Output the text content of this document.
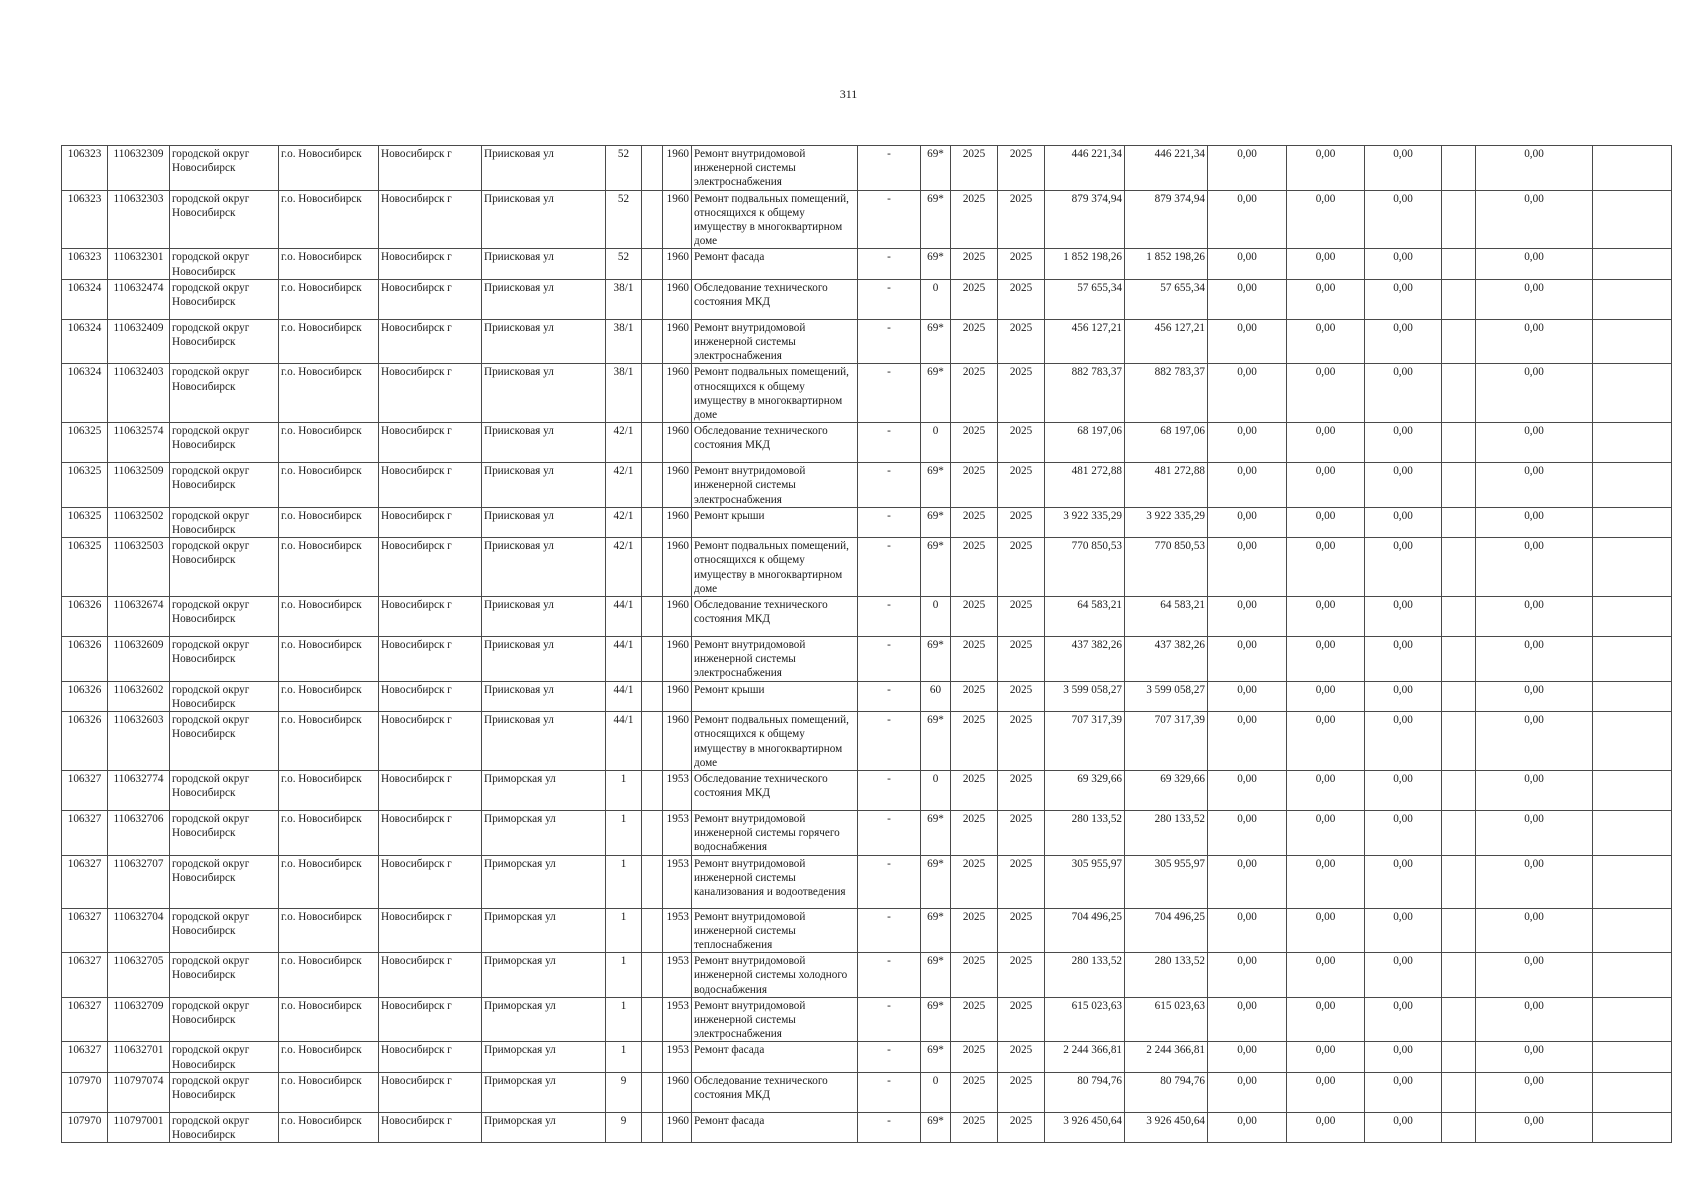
311
106323	110632309	городской округ Новосибирск	г.о. Новосибирск	Новосибирск г	Приисковая ул	52		1960	Ремонт внутридомовой инженерной системы электроснабжения	-	69*	2025	2025	446 221,34	446 221,34	0,00	0,00	0,00		0,00	
106323	110632303	городской округ Новосибирск	г.о. Новосибирск	Новосибирск г	Приисковая ул	52		1960	Ремонт подвальных помещений, относящихся к общему имуществу в многоквартирном доме	-	69*	2025	2025	879 374,94	879 374,94	0,00	0,00	0,00		0,00	
106323	110632301	городской округ Новосибирск	г.о. Новосибирск	Новосибирск г	Приисковая ул	52		1960	Ремонт фасада	-	69*	2025	2025	1 852 198,26	1 852 198,26	0,00	0,00	0,00		0,00	
106324	110632474	городской округ Новосибирск	г.о. Новосибирск	Новосибирск г	Приисковая ул	38/1		1960	Обследование технического состояния МКД	-	0	2025	2025	57 655,34	57 655,34	0,00	0,00	0,00		0,00	
106324	110632409	городской округ Новосибирск	г.о. Новосибирск	Новосибирск г	Приисковая ул	38/1		1960	Ремонт внутридомовой инженерной системы электроснабжения	-	69*	2025	2025	456 127,21	456 127,21	0,00	0,00	0,00		0,00	
106324	110632403	городской округ Новосибирск	г.о. Новосибирск	Новосибирск г	Приисковая ул	38/1		1960	Ремонт подвальных помещений, относящихся к общему имуществу в многоквартирном доме	-	69*	2025	2025	882 783,37	882 783,37	0,00	0,00	0,00		0,00	
106325	110632574	городской округ Новосибирск	г.о. Новосибирск	Новосибирск г	Приисковая ул	42/1		1960	Обследование технического состояния МКД	-	0	2025	2025	68 197,06	68 197,06	0,00	0,00	0,00		0,00	
106325	110632509	городской округ Новосибирск	г.о. Новосибирск	Новосибирск г	Приисковая ул	42/1		1960	Ремонт внутридомовой инженерной системы электроснабжения	-	69*	2025	2025	481 272,88	481 272,88	0,00	0,00	0,00		0,00	
106325	110632502	городской округ Новосибирск	г.о. Новосибирск	Новосибирск г	Приисковая ул	42/1		1960	Ремонт крыши	-	69*	2025	2025	3 922 335,29	3 922 335,29	0,00	0,00	0,00		0,00	
106325	110632503	городской округ Новосибирск	г.о. Новосибирск	Новосибирск г	Приисковая ул	42/1		1960	Ремонт подвальных помещений, относящихся к общему имуществу в многоквартирном доме	-	69*	2025	2025	770 850,53	770 850,53	0,00	0,00	0,00		0,00	
106326	110632674	городской округ Новосибирск	г.о. Новосибирск	Новосибирск г	Приисковая ул	44/1		1960	Обследование технического состояния МКД	-	0	2025	2025	64 583,21	64 583,21	0,00	0,00	0,00		0,00	
106326	110632609	городской округ Новосибирск	г.о. Новосибирск	Новосибирск г	Приисковая ул	44/1		1960	Ремонт внутридомовой инженерной системы электроснабжения	-	69*	2025	2025	437 382,26	437 382,26	0,00	0,00	0,00		0,00	
106326	110632602	городской округ Новосибирск	г.о. Новосибирск	Новосибирск г	Приисковая ул	44/1		1960	Ремонт крыши	-	60	2025	2025	3 599 058,27	3 599 058,27	0,00	0,00	0,00		0,00	
106326	110632603	городской округ Новосибирск	г.о. Новосибирск	Новосибирск г	Приисковая ул	44/1		1960	Ремонт подвальных помещений, относящихся к общему имуществу в многоквартирном доме	-	69*	2025	2025	707 317,39	707 317,39	0,00	0,00	0,00		0,00	
106327	110632774	городской округ Новосибирск	г.о. Новосибирск	Новосибирск г	Приморская ул	1		1953	Обследование технического состояния МКД	-	0	2025	2025	69 329,66	69 329,66	0,00	0,00	0,00		0,00	
106327	110632706	городской округ Новосибирск	г.о. Новосибирск	Новосибирск г	Приморская ул	1		1953	Ремонт внутридомовой инженерной системы горячего водоснабжения	-	69*	2025	2025	280 133,52	280 133,52	0,00	0,00	0,00		0,00	
106327	110632707	городской округ Новосибирск	г.о. Новосибирск	Новосибирск г	Приморская ул	1		1953	Ремонт внутридомовой инженерной системы канализования и водоотведения	-	69*	2025	2025	305 955,97	305 955,97	0,00	0,00	0,00		0,00	
106327	110632704	городской округ Новосибирск	г.о. Новосибирск	Новосибирск г	Приморская ул	1		1953	Ремонт внутридомовой инженерной системы теплоснабжения	-	69*	2025	2025	704 496,25	704 496,25	0,00	0,00	0,00		0,00	
106327	110632705	городской округ Новосибирск	г.о. Новосибирск	Новосибирск г	Приморская ул	1		1953	Ремонт внутридомовой инженерной системы холодного водоснабжения	-	69*	2025	2025	280 133,52	280 133,52	0,00	0,00	0,00		0,00	
106327	110632709	городской округ Новосибирск	г.о. Новосибирск	Новосибирск г	Приморская ул	1		1953	Ремонт внутридомовой инженерной системы электроснабжения	-	69*	2025	2025	615 023,63	615 023,63	0,00	0,00	0,00		0,00	
106327	110632701	городской округ Новосибирск	г.о. Новосибирск	Новосибирск г	Приморская ул	1		1953	Ремонт фасада	-	69*	2025	2025	2 244 366,81	2 244 366,81	0,00	0,00	0,00		0,00	
107970	110797074	городской округ Новосибирск	г.о. Новосибирск	Новосибирск г	Приморская ул	9		1960	Обследование технического состояния МКД	-	0	2025	2025	80 794,76	80 794,76	0,00	0,00	0,00		0,00	
107970	110797001	городской округ Новосибирск	г.о. Новосибирск	Новосибирск г	Приморская ул	9		1960	Ремонт фасада	-	69*	2025	2025	3 926 450,64	3 926 450,64	0,00	0,00	0,00		0,00	
